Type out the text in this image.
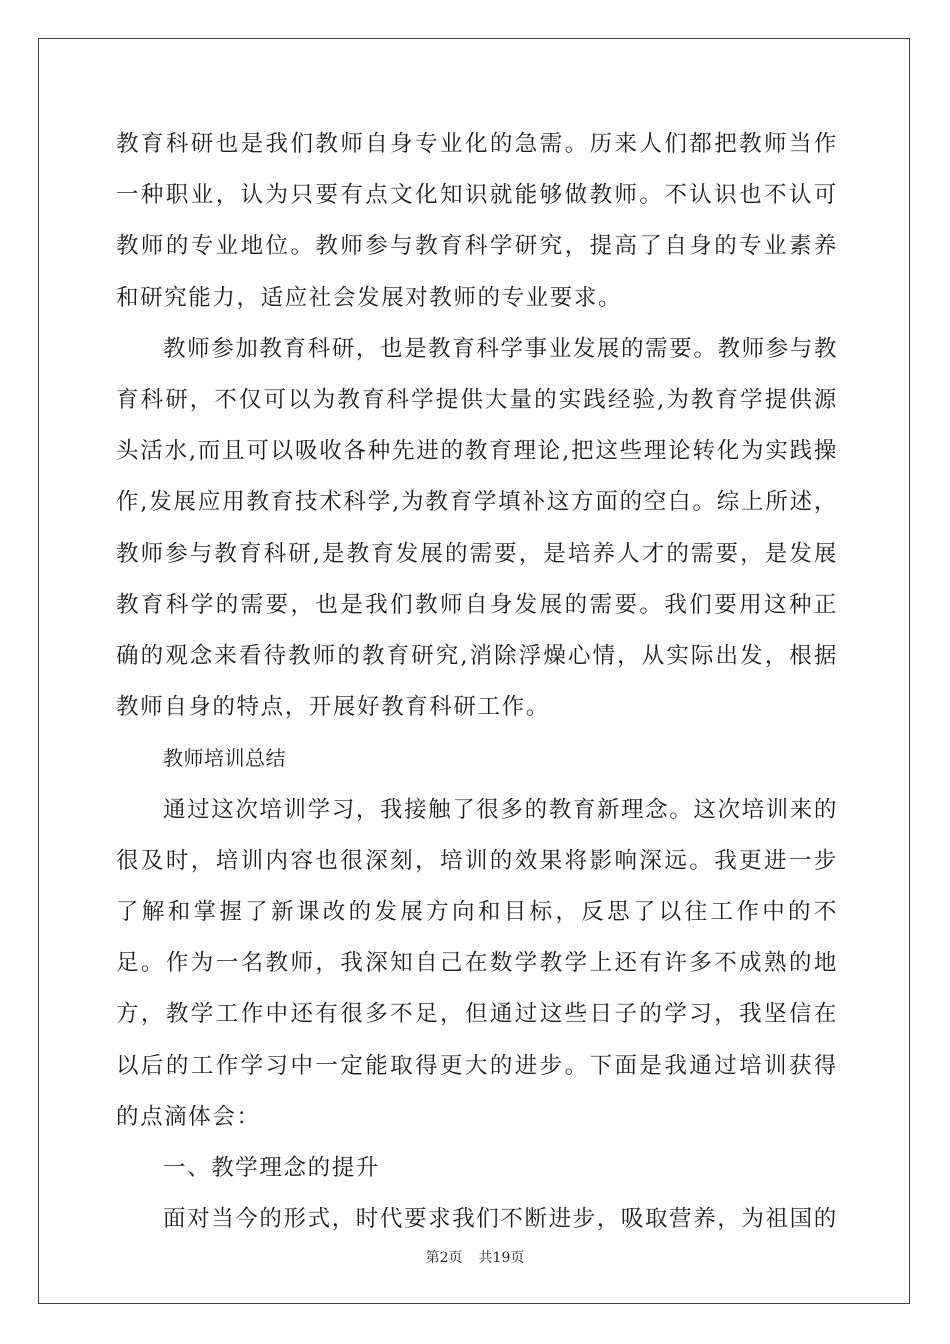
教育科研也是我们教师自身专业化的急需。历来人们都把教师当作一种职业，认为只要有点文化知识就能够做教师。不认识也不认可教师的专业地位。教师参与教育科学研究，提高了自身的专业素养和研究能力，适应社会发展对教师的专业要求。

教师参加教育科研，也是教育科学事业发展的需要。教师参与教育科研，不仅可以为教育科学提供大量的实践经验,为教育学提供源头活水,而且可以吸收各种先进的教育理论,把这些理论转化为实践操作,发展应用教育技术科学,为教育学填补这方面的空白。综上所述，教师参与教育科研,是教育发展的需要，是培养人才的需要，是发展教育科学的需要，也是我们教师自身发展的需要。我们要用这种正确的观念来看待教师的教育研究,消除浮燥心情，从实际出发，根据教师自身的特点，开展好教育科研工作。

教师培训总结

通过这次培训学习，我接触了很多的教育新理念。这次培训来的很及时，培训内容也很深刻，培训的效果将影响深远。我更进一步了解和掌握了新课改的发展方向和目标，反思了以往工作中的不足。作为一名教师，我深知自己在数学教学上还有许多不成熟的地方，教学工作中还有很多不足，但通过这些日子的学习，我坚信在以后的工作学习中一定能取得更大的进步。下面是我通过培训获得的点滴体会：

一、教学理念的提升

面对当今的形式，时代要求我们不断进步，吸取营养，为祖国的

第2页 共19页
